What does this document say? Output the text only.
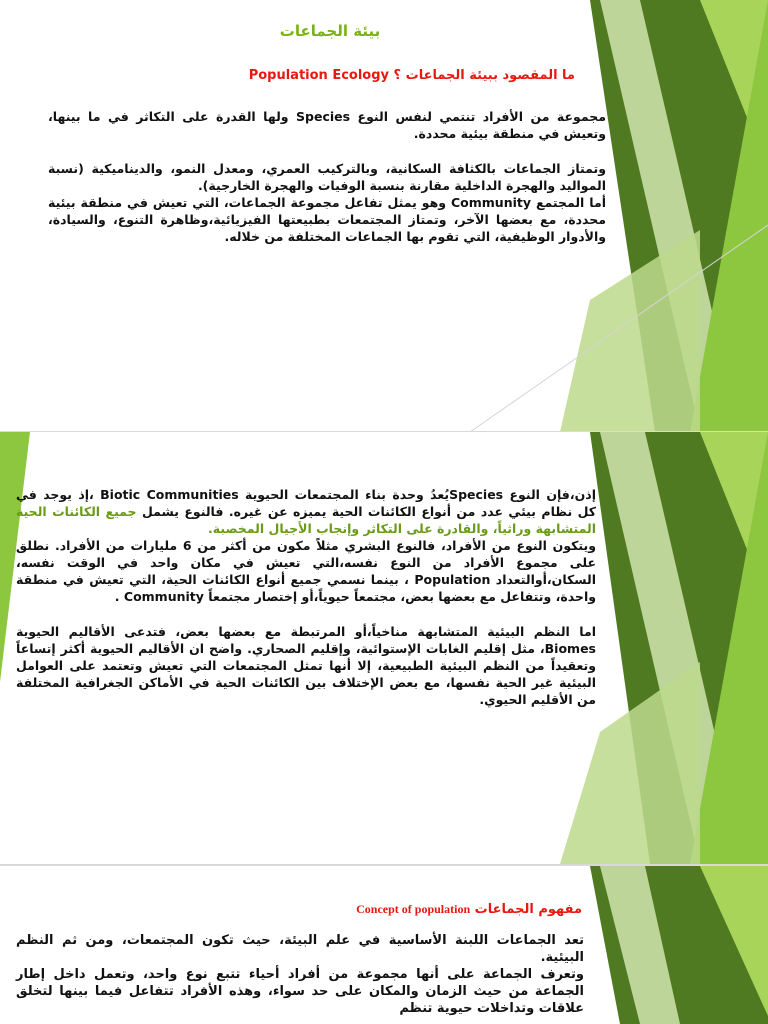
بيئة الجماعات
ما المقصود ببيئة الجماعات ؟ Population Ecology

مجموعة من الأفراد تنتمي لنفس النوع Species ولها القدرة على التكاثر في ما بينها، وتعيش في منطقة بيئية محددة.

وتمتاز الجماعات بالكثافة السكانية، وبالتركيب العمري، ومعدل النمو، والديناميكية (نسبة المواليد والهجرة الداخلية مقارنة بنسبة الوفيات والهجرة الخارجية).

أما المجتمع Community وهو يمثل تفاعل مجموعة الجماعات، التي تعيش في منطقة بيئية محددة، مع بعضها الآخر، وتمتاز المجتمعات بطبيعتها الفيزيائية،وظاهرة التنوع، والسيادة، والأدوار الوظيفية، التي تقوم بها الجماعات المختلفة من خلاله.

إذن،فإن النوع Speciesيُعدُ وحدة بناء المجتمعات الحيوية Biotic Communities ،إذ يوجد في كل نظام بيئي عدد من أنواع الكائنات الحية يميزه عن غيره. فالنوع يشمل جميع الكائنات الحية المتشابهة وراثياً، والقادرة على التكاثر وإنجاب الأجيال المخصبة.

ويتكون النوع من الأفراد، فالنوع البشري مثلاً مكون من أكثر من 6 مليارات من الأفراد. نطلق على مجموع الأفراد من النوع نفسه،التي تعيش في مكان واحد في الوقت نفسه، السكان،أوالتعداد Population ، بينما نسمي جميع أنواع الكائنات الحية، التي تعيش في منطقة واحدة، وتتفاعل مع بعضها بعض، مجتمعاً حيوياً،أو إختصار مجتمعاً Community .

اما النظم البيئية المتشابهة مناخياً،أو المرتبطة مع بعضها بعض، فتدعى الأقاليم الحيوية Biomes، مثل إقليم الغابات الإستوائية، وإقليم الصحاري. واضح ان الأقاليم الحيوية أكثر إتساعاً وتعقيداً من النظم البيئية الطبيعية، إلا أنها تمثل المجتمعات التي تعيش وتعتمد على العوامل البيئية غير الحية نفسها، مع بعض الإختلاف بين الكائنات الحية في الأماكن الجغرافية المختلفة من الأقليم الحيوي.

مفهوم الجماعات Concept of population

تعد الجماعات اللبنة الأساسية في علم البيئة، حيث تكون المجتمعات، ومن ثم النظم البيئية.

وتعرف الجماعة على أنها مجموعة من أفراد أحياء تتبع نوع واحد، وتعمل داخل إطار الجماعة من حيث الزمان والمكان على حد سواء، وهذه الأفراد تتفاعل فيما بينها لتخلق علاقات وتداخلات حيوية تنظم
